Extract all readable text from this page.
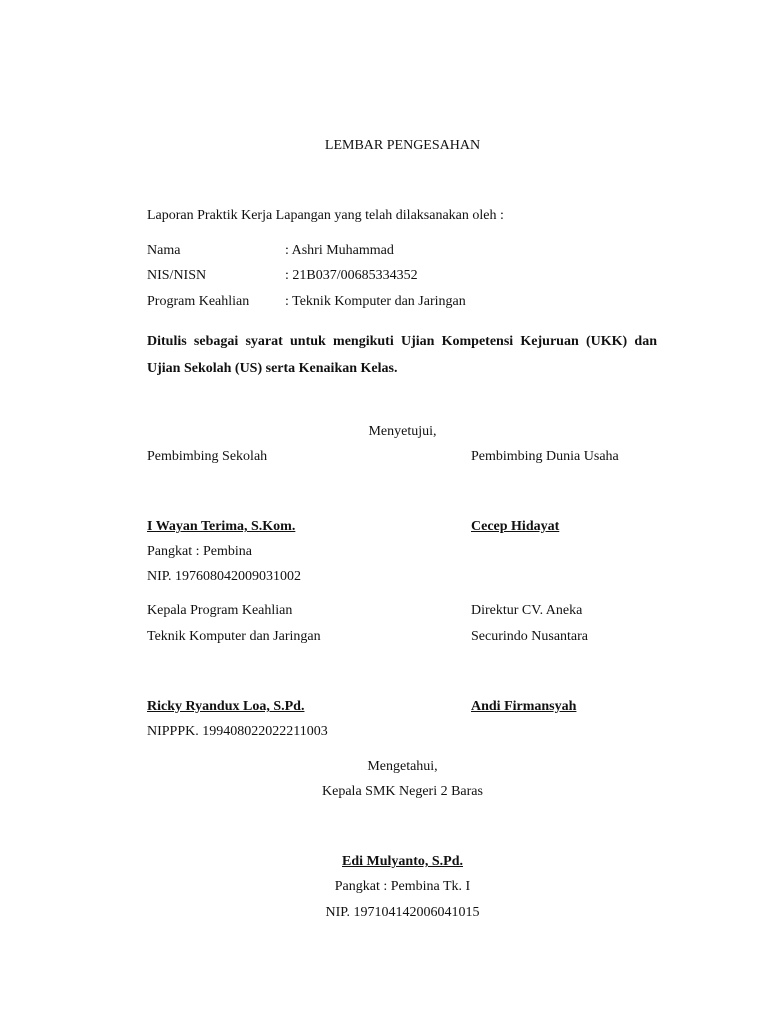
LEMBAR PENGESAHAN
Laporan Praktik Kerja Lapangan yang telah dilaksanakan oleh :
Nama	: Ashri Muhammad
NIS/NISN	: 21B037/00685334352
Program Keahlian	: Teknik Komputer dan Jaringan
Ditulis sebagai syarat untuk mengikuti Ujian Kompetensi Kejuruan (UKK) dan Ujian Sekolah (US) serta Kenaikan Kelas.
Menyetujui,
Pembimbing Sekolah
I Wayan Terima, S.Kom.
Pangkat : Pembina
NIP. 197608042009031002
Kepala Program Keahlian
Teknik Komputer dan Jaringan
Ricky Ryandux Loa, S.Pd.
NIPPPK. 199408022022211003
Pembimbing Dunia Usaha
Cecep Hidayat
Direktur CV. Aneka
Securindo Nusantara
Andi Firmansyah
Mengetahui,
Kepala SMK Negeri 2 Baras
Edi Mulyanto, S.Pd.
Pangkat : Pembina Tk. I
NIP. 197104142006041015
